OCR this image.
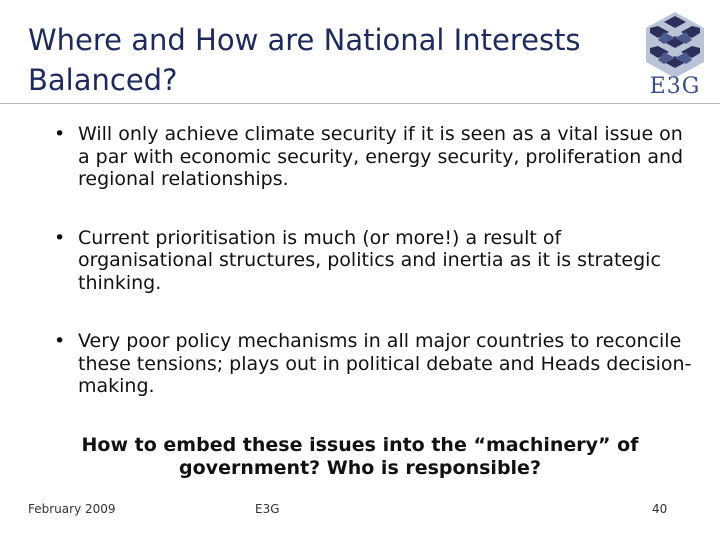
Where and How are National Interests Balanced?	E3G
• Will only achieve climate security if it is seen as a vital issue on a par with economic security, energy security, proliferation and regional relationships.
• Current prioritisation is much (or more!) a result of organisational structures, politics and inertia as it is strategic thinking.
• Very poor policy mechanisms in all major countries to reconcile these tensions; plays out in political debate and Heads decision-making.
How to embed these issues into the “machinery” of government? Who is responsible?
February 2009	E3G	40
